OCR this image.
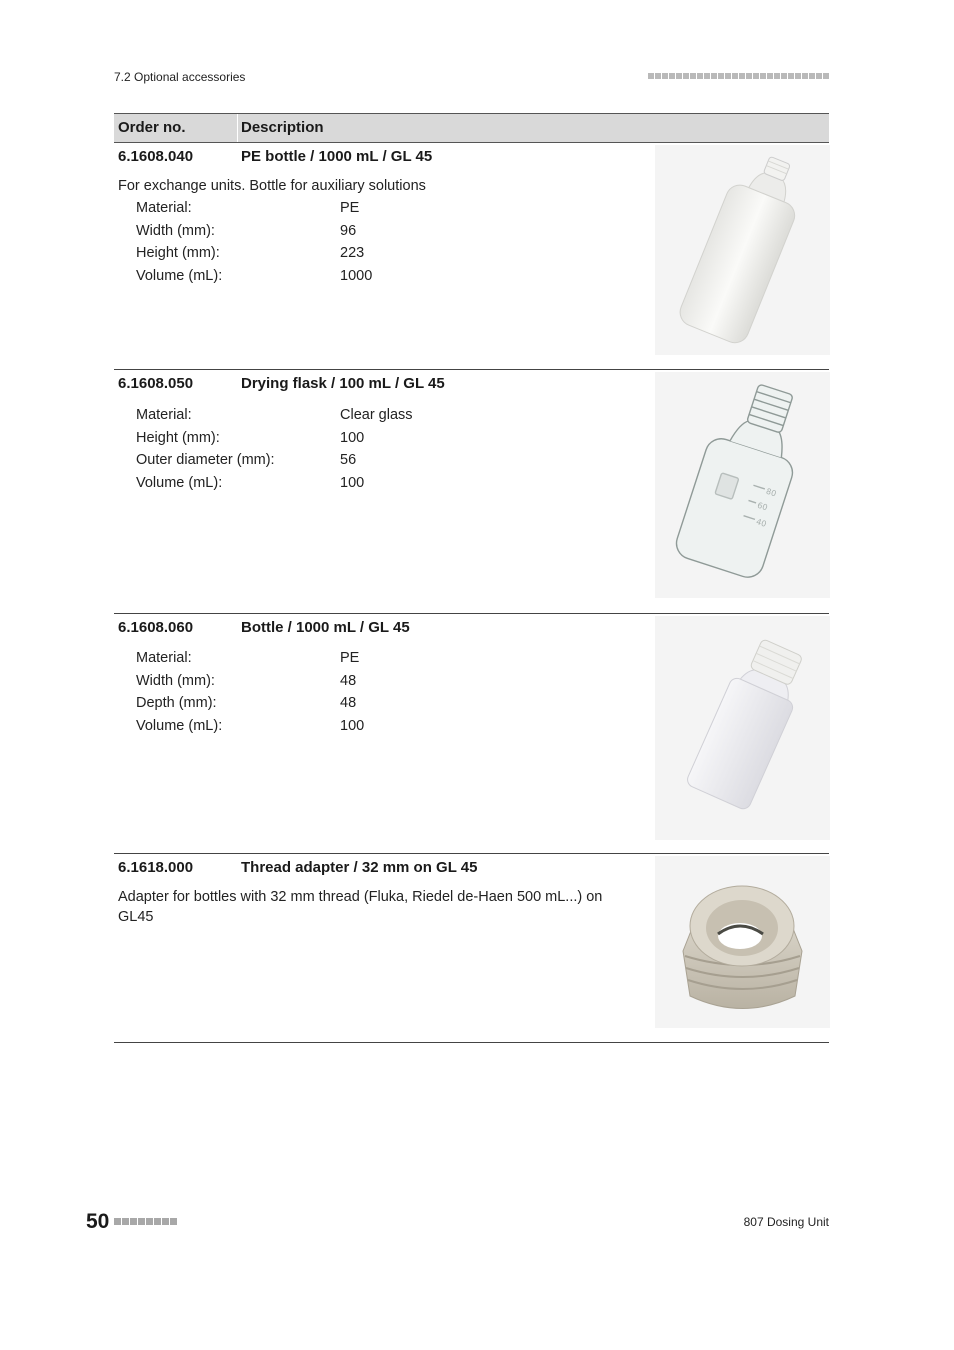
7.2 Optional accessories
Order no.	Description
6.1608.040	PE bottle / 1000 mL / GL 45
For exchange units. Bottle for auxiliary solutions
Material:	PE
Width (mm):	96
Height (mm):	223
Volume (mL):	1000
6.1608.050	Drying flask / 100 mL / GL 45
Material:	Clear glass
Height (mm):	100
Outer diameter (mm):	56
Volume (mL):	100
80
60
40
6.1608.060	Bottle / 1000 mL / GL 45
Material:	PE
Width (mm):	48
Depth (mm):	48
Volume (mL):	100
6.1618.000	Thread adapter / 32 mm on GL 45
Adapter for bottles with 32 mm thread (Fluka, Riedel de-Haen 500 mL...) on GL45
50	807 Dosing Unit
